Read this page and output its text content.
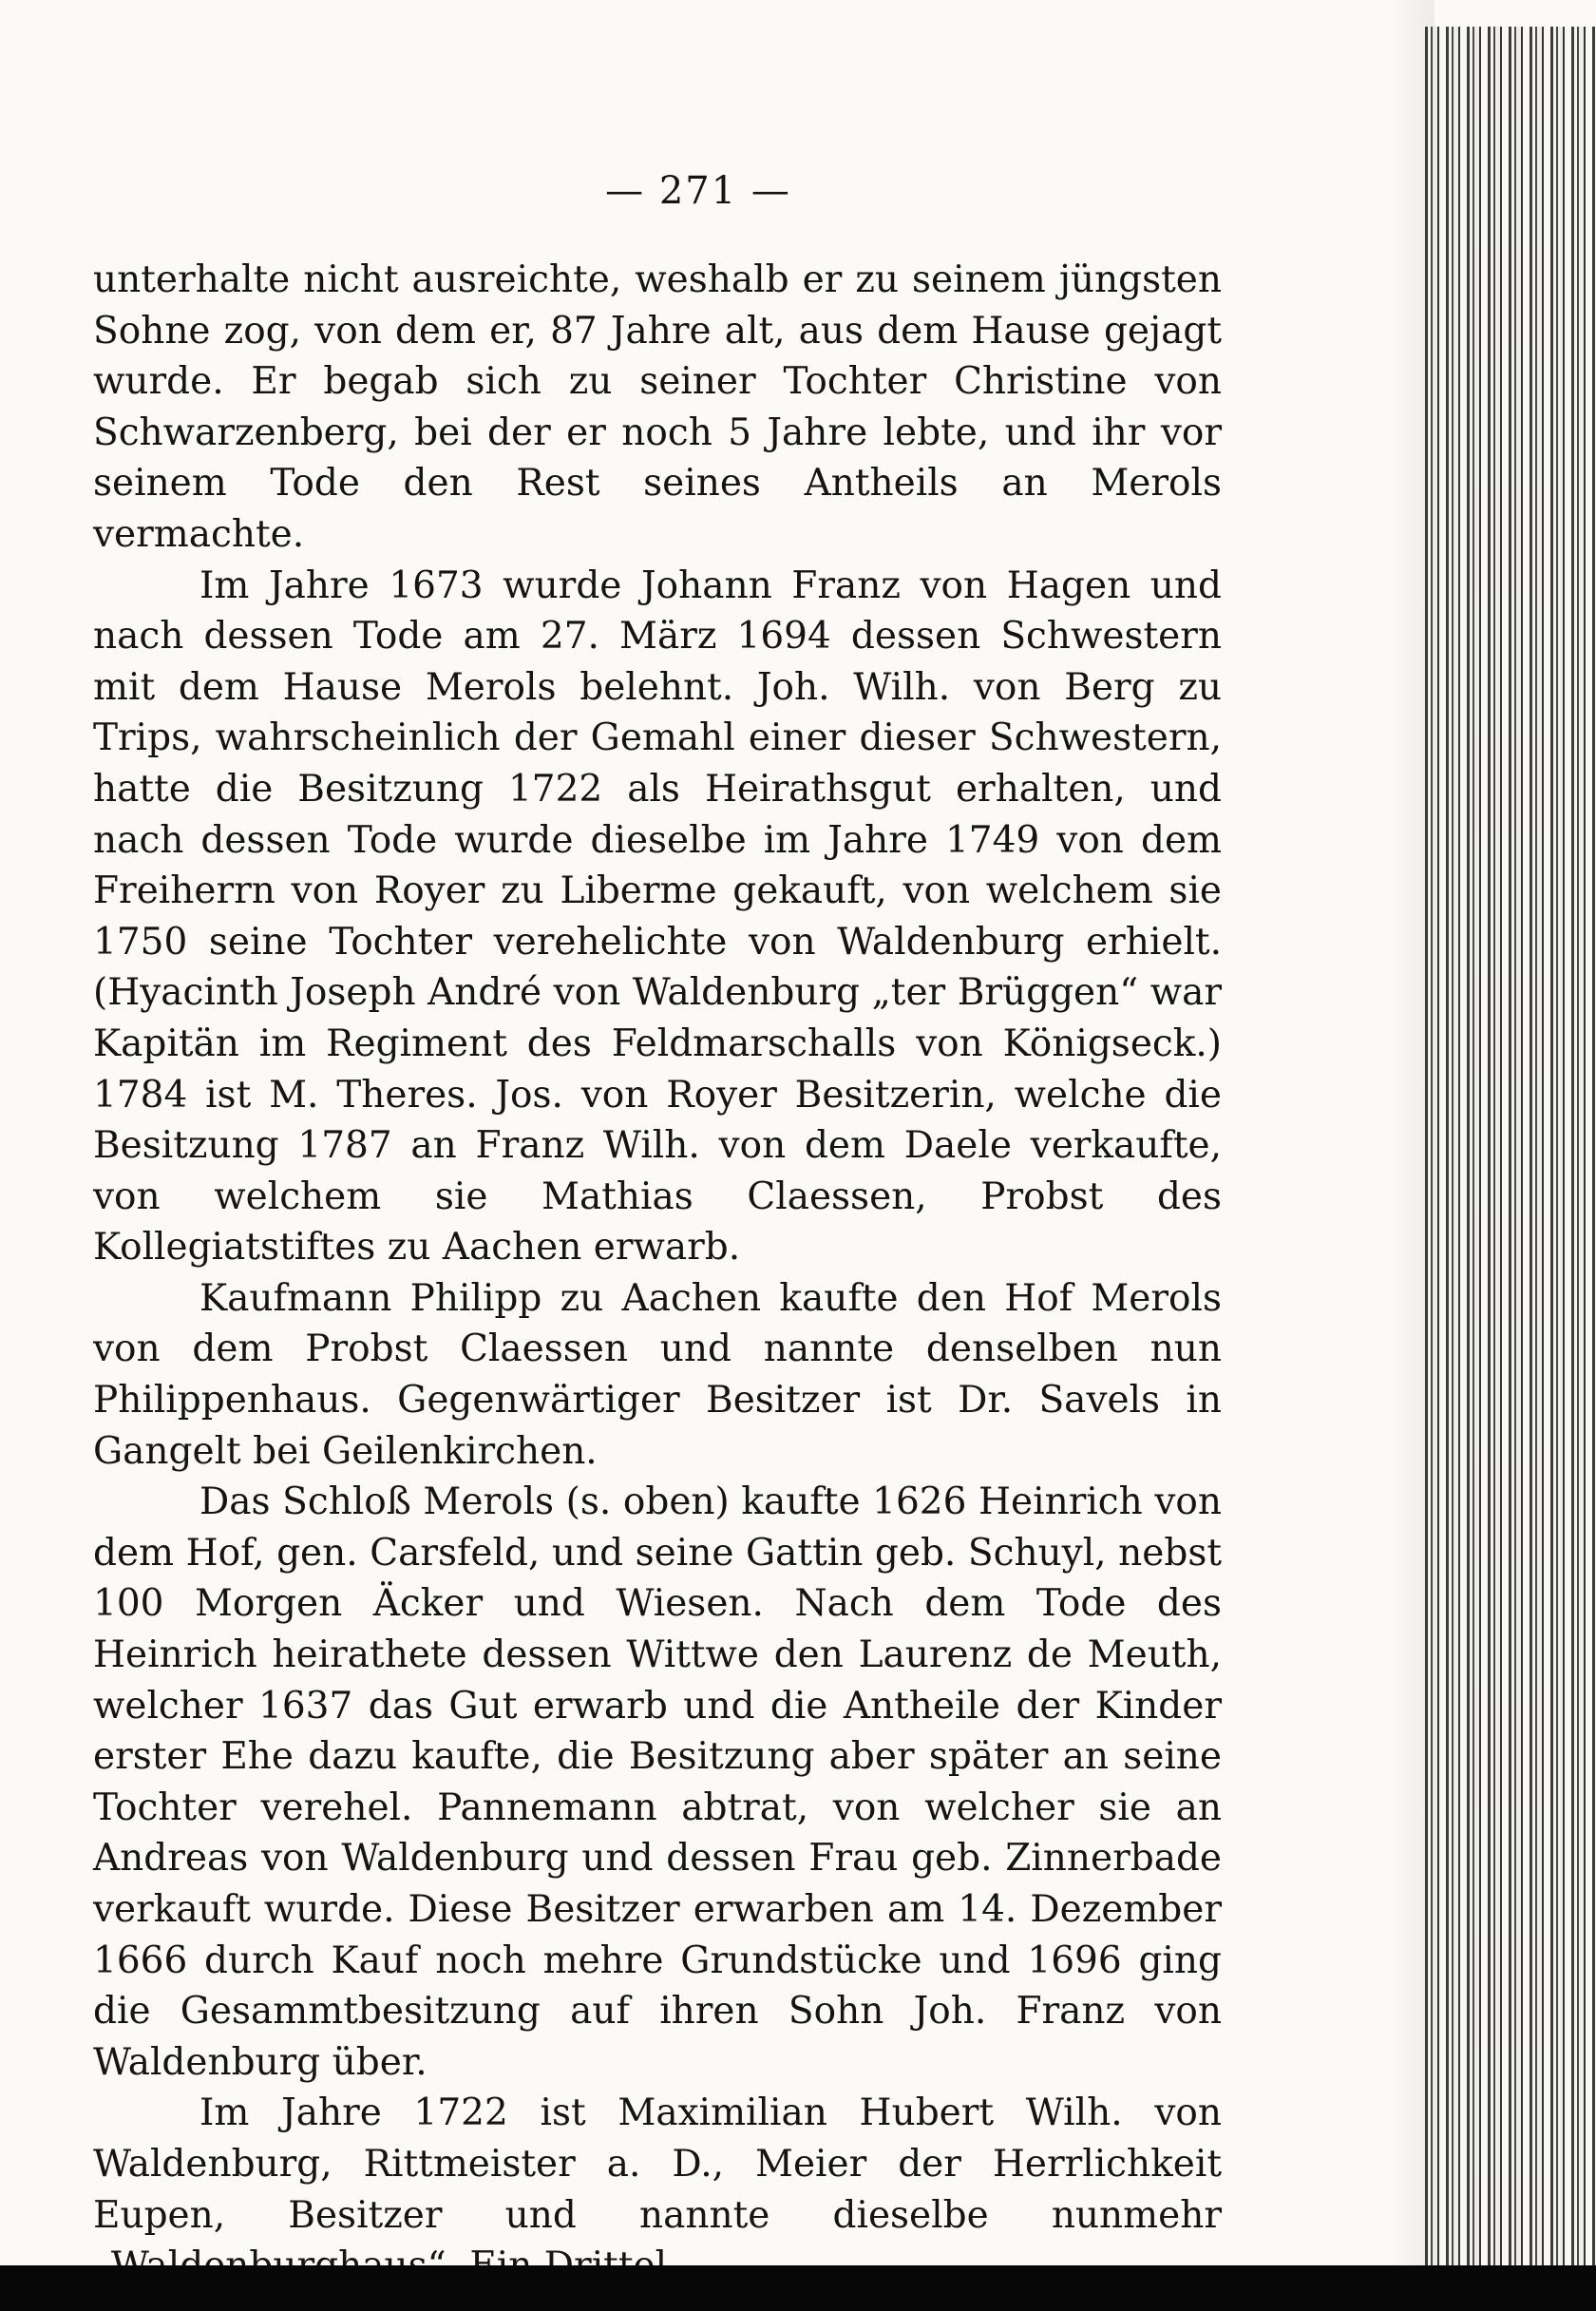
— 271 —

unterhalte nicht ausreichte, weshalb er zu seinem jüngsten Sohne zog, von dem er, 87 Jahre alt, aus dem Hause gejagt wurde. Er begab sich zu seiner Tochter Christine von Schwarzenberg, bei der er noch 5 Jahre lebte, und ihr vor seinem Tode den Rest seines Antheils an Merols vermachte.

Im Jahre 1673 wurde Johann Franz von Hagen und nach dessen Tode am 27. März 1694 dessen Schwestern mit dem Hause Merols belehnt. Joh. Wilh. von Berg zu Trips, wahrscheinlich der Gemahl einer dieser Schwestern, hatte die Besitzung 1722 als Heirathsgut erhalten, und nach dessen Tode wurde dieselbe im Jahre 1749 von dem Freiherrn von Royer zu Liberme gekauft, von welchem sie 1750 seine Tochter verehelichte von Waldenburg erhielt. (Hyacinth Joseph André von Waldenburg „ter Brüggen“ war Kapitän im Regiment des Feldmarschalls von Königseck.) 1784 ist M. Theres. Jos. von Royer Besitzerin, welche die Besitzung 1787 an Franz Wilh. von dem Daele verkaufte, von welchem sie Mathias Claessen, Probst des Kollegiatstiftes zu Aachen erwarb.

Kaufmann Philipp zu Aachen kaufte den Hof Merols von dem Probst Claessen und nannte denselben nun Philippenhaus. Gegenwärtiger Besitzer ist Dr. Savels in Gangelt bei Geilenkirchen.

Das Schloß Merols (s. oben) kaufte 1626 Heinrich von dem Hof, gen. Carsfeld, und seine Gattin geb. Schuyl, nebst 100 Morgen Äcker und Wiesen. Nach dem Tode des Heinrich heirathete dessen Wittwe den Laurenz de Meuth, welcher 1637 das Gut erwarb und die Antheile der Kinder erster Ehe dazu kaufte, die Besitzung aber später an seine Tochter verehel. Pannemann abtrat, von welcher sie an Andreas von Waldenburg und dessen Frau geb. Zinnerbade verkauft wurde. Diese Besitzer erwarben am 14. Dezember 1666 durch Kauf noch mehre Grundstücke und 1696 ging die Gesammtbesitzung auf ihren Sohn Joh. Franz von Waldenburg über.

Im Jahre 1722 ist Maximilian Hubert Wilh. von Waldenburg, Rittmeister a. D., Meier der Herrlichkeit Eupen, Besitzer und nannte dieselbe nunmehr
